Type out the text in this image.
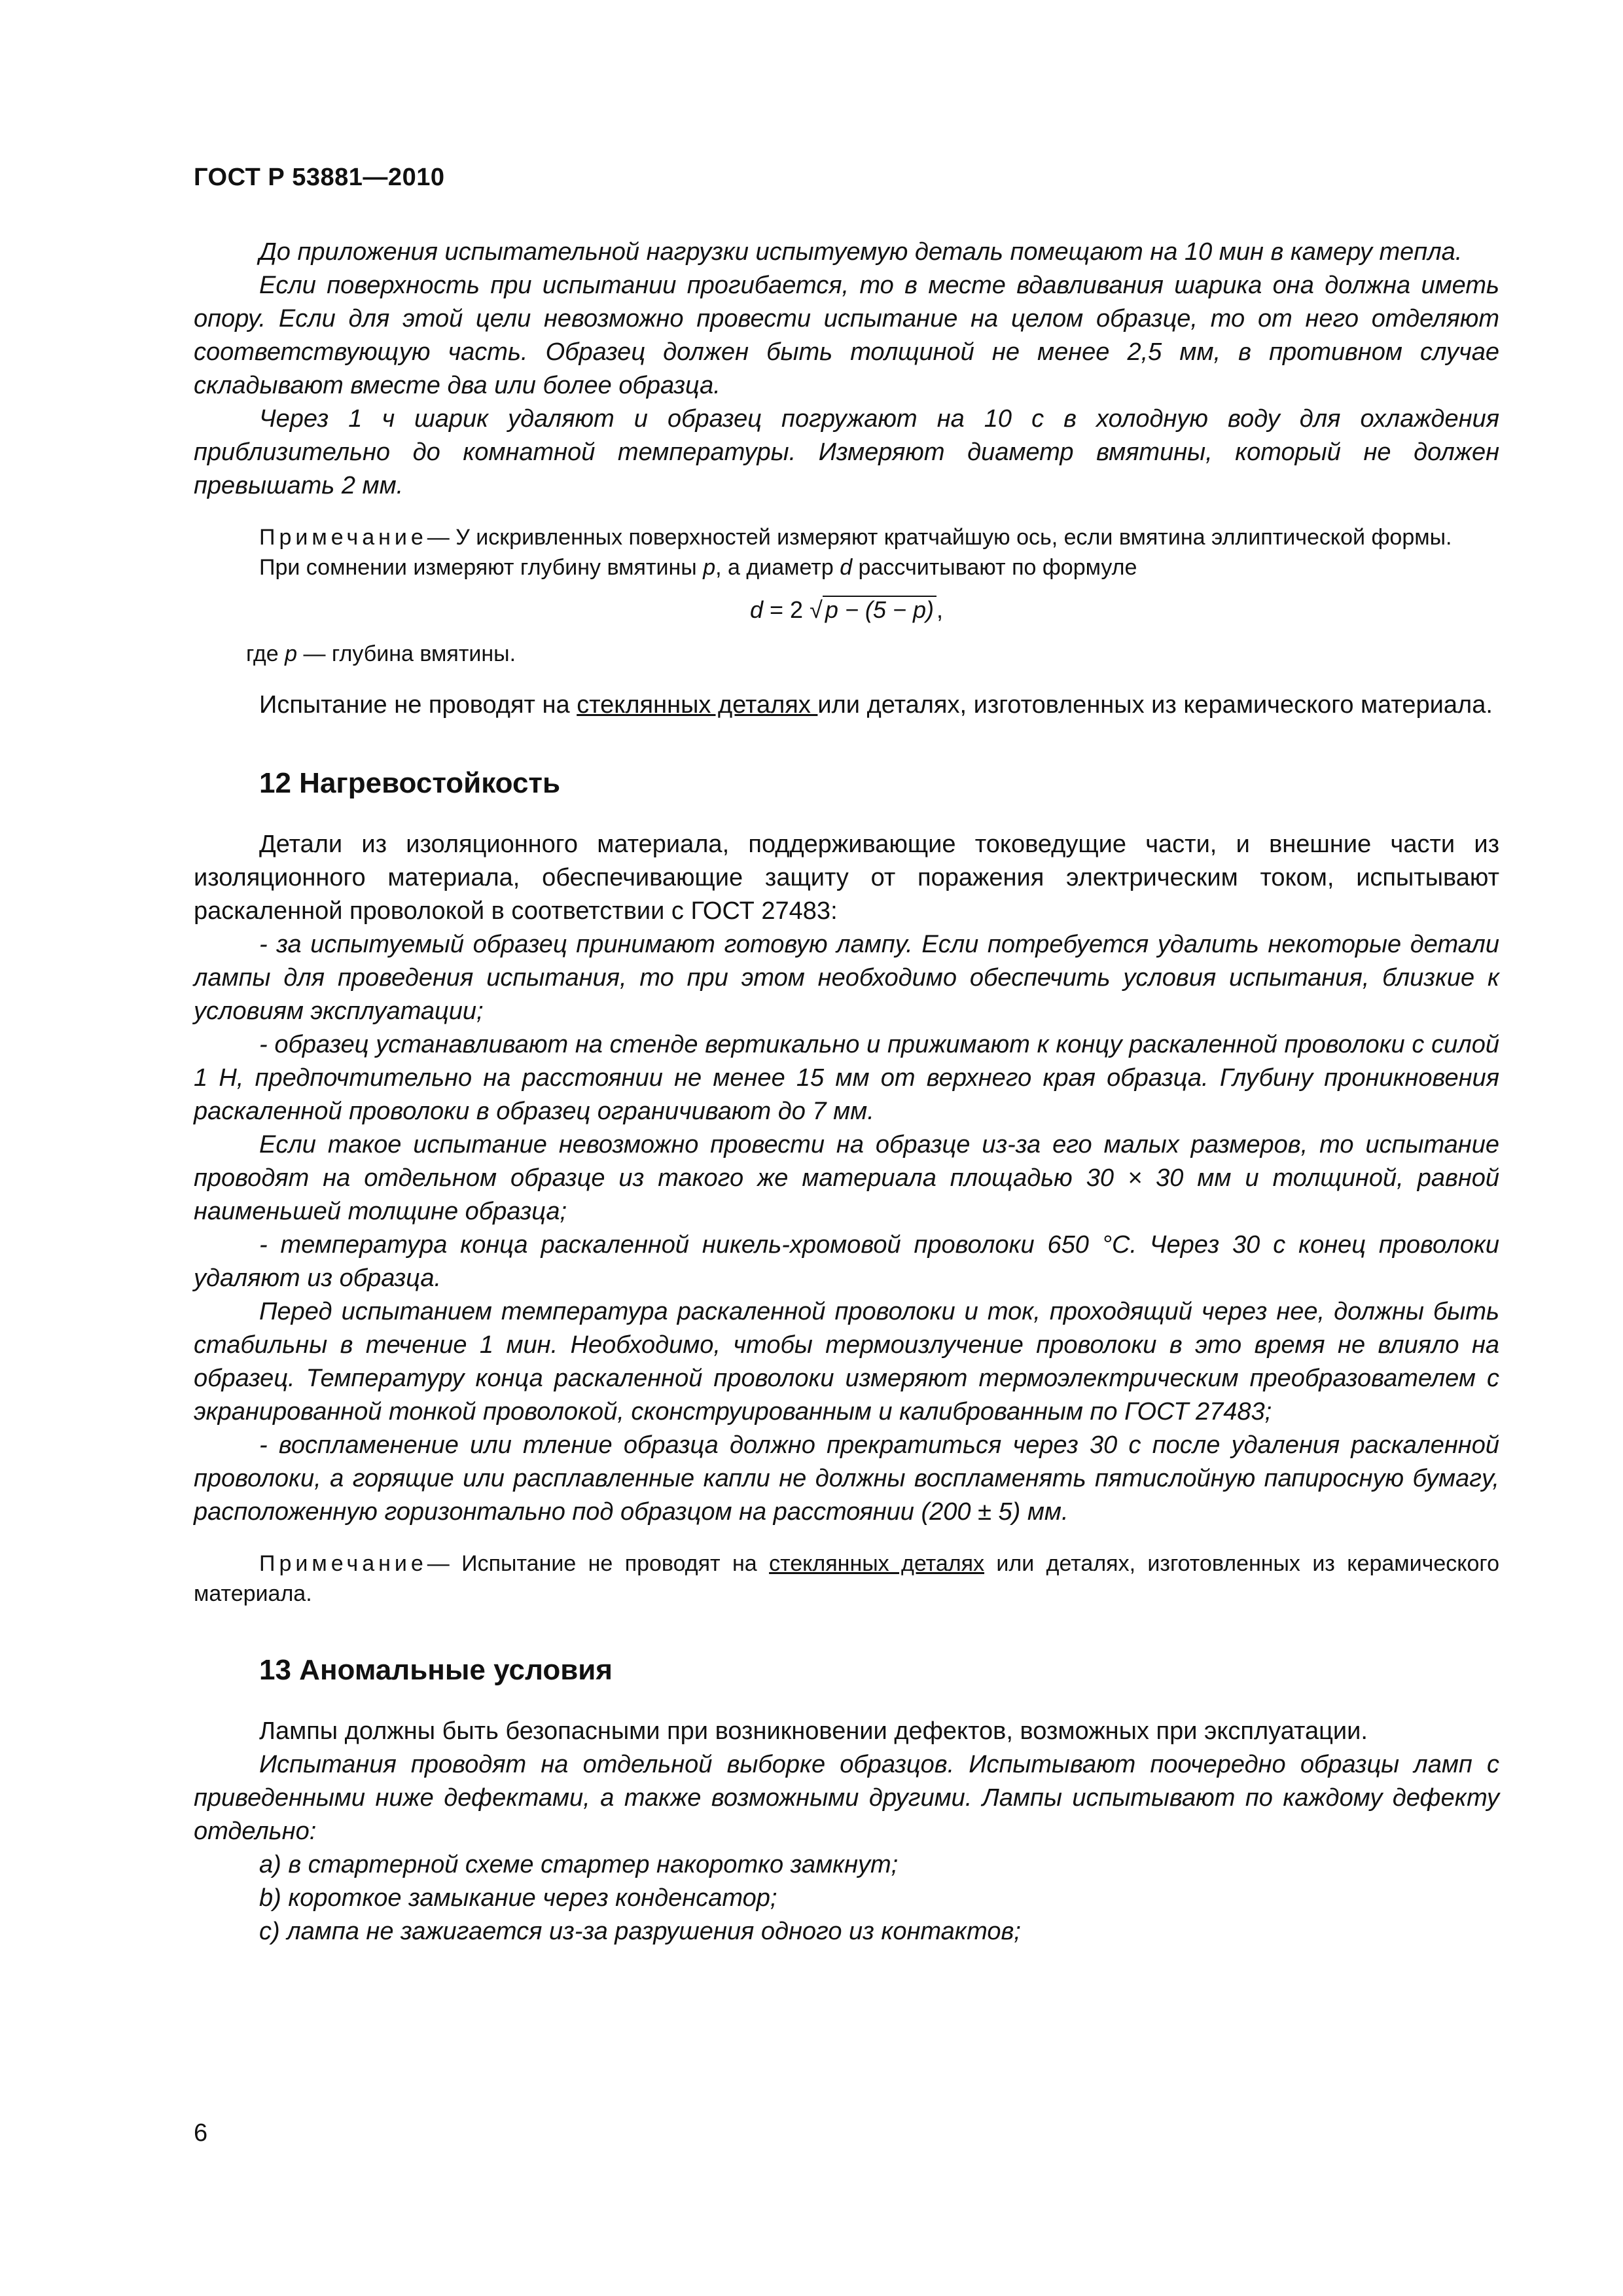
ГОСТ Р 53881—2010

До приложения испытательной нагрузки испытуемую деталь помещают на 10 мин в камеру тепла.

Если поверхность при испытании прогибается, то в месте вдавливания шарика она должна иметь опору. Если для этой цели невозможно провести испытание на целом образце, то от него отделяют соответствующую часть. Образец должен быть толщиной не менее 2,5 мм, в противном случае складывают вместе два или более образца.

Через 1 ч шарик удаляют и образец погружают на 10 с в холодную воду для охлаждения приблизительно до комнатной температуры. Измеряют диаметр вмятины, который не должен превышать 2 мм.

Примечание— У искривленных поверхностей измеряют кратчайшую ось, если вмятина эллиптической формы.

При сомнении измеряют глубину вмятины p, а диаметр d рассчитывают по формуле

d = 2 √ p − (5 − p) ,

где p — глубина вмятины.

Испытание не проводят на стеклянных деталях или деталях, изготовленных из керамического материала.

12 Нагревостойкость

Детали из изоляционного материала, поддерживающие токоведущие части, и внешние части из изоляционного материала, обеспечивающие защиту от поражения электрическим током, испытывают раскаленной проволокой в соответствии с ГОСТ 27483:

- за испытуемый образец принимают готовую лампу. Если потребуется удалить некоторые детали лампы для проведения испытания, то при этом необходимо обеспечить условия испытания, близкие к условиям эксплуатации;

- образец устанавливают на стенде вертикально и прижимают к концу раскаленной проволоки с силой 1 Н, предпочтительно на расстоянии не менее 15 мм от верхнего края образца. Глубину проникновения раскаленной проволоки в образец ограничивают до 7 мм.

Если такое испытание невозможно провести на образце из-за его малых размеров, то испытание проводят на отдельном образце из такого же материала площадью 30 × 30 мм и толщиной, равной наименьшей толщине образца;

- температура конца раскаленной никель-хромовой проволоки 650 °С. Через 30 с конец проволоки удаляют из образца.

Перед испытанием температура раскаленной проволоки и ток, проходящий через нее, должны быть стабильны в течение 1 мин. Необходимо, чтобы термоизлучение проволоки в это время не влияло на образец. Температуру конца раскаленной проволоки измеряют термоэлектрическим преобразователем с экранированной тонкой проволокой, сконструированным и калиброванным по ГОСТ 27483;

- воспламенение или тление образца должно прекратиться через 30 с после удаления раскаленной проволоки, а горящие или расплавленные капли не должны воспламенять пятислойную папиросную бумагу, расположенную горизонтально под образцом на расстоянии (200 ± 5) мм.

Примечание— Испытание не проводят на стеклянных деталях или деталях, изготовленных из керамического материала.

13 Аномальные условия

Лампы должны быть безопасными при возникновении дефектов, возможных при эксплуатации.

Испытания проводят на отдельной выборке образцов. Испытывают поочередно образцы ламп с приведенными ниже дефектами, а также возможными другими. Лампы испытывают по каждому дефекту отдельно:

а) в стартерной схеме стартер накоротко замкнут;

b) короткое замыкание через конденсатор;

с) лампа не зажигается из-за разрушения одного из контактов;

6
